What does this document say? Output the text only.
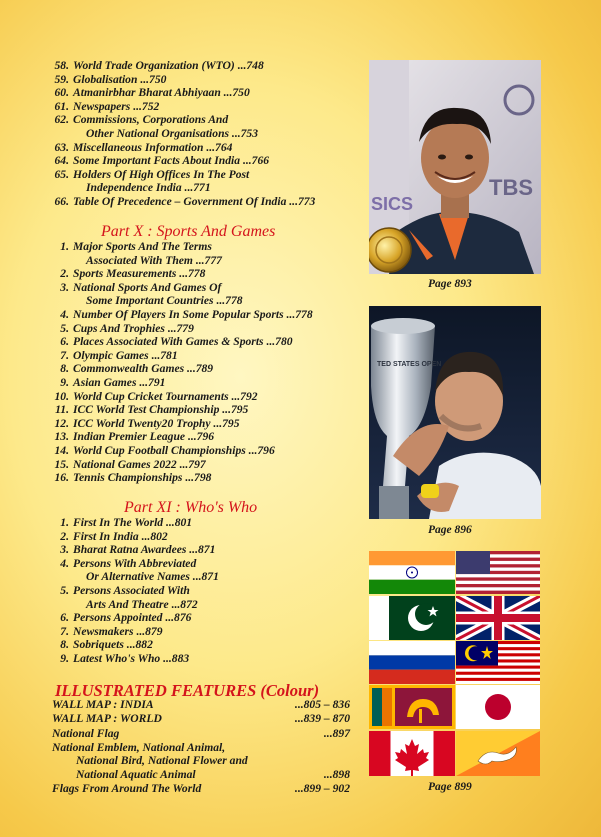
58. World Trade Organization (WTO) ...748
59. Globalisation ...750
60. Atmanirbhar Bharat Abhiyaan ...750
61. Newspapers ...752
62. Commissions, Corporations And
Other National Organisations ...753
63. Miscellaneous Information ...764
64. Some Important Facts About India ...766
65. Holders Of High Offices In The Post
Independence India ...771
66. Table Of Precedence – Government Of India ...773
Part X : Sports And Games
1. Major Sports And The Terms
Associated With Them ...777
2. Sports Measurements ...778
3. National Sports And Games Of
Some Important Countries ...778
4. Number Of Players In Some Popular Sports ...778
5. Cups And Trophies ...779
6. Places Associated With Games & Sports ...780
7. Olympic Games ...781
8. Commonwealth Games ...789
9. Asian Games ...791
10. World Cup Cricket Tournaments ...792
11. ICC World Test Championship ...795
12. ICC World Twenty20 Trophy ...795
13. Indian Premier League ...796
14. World Cup Football Championships ...796
15. National Games 2022 ...797
16. Tennis Championships ...798
Part XI : Who's Who
1. First In The World ...801
2. First In India ...802
3. Bharat Ratna Awardees ...871
4. Persons With Abbreviated
Or Alternative Names ...871
5. Persons Associated With
Arts And Theatre ...872
6. Persons Appointed ...876
7. Newsmakers ...879
8. Sobriquets ...882
9. Latest Who's Who ...883
ILLUSTRATED FEATURES (Colour)
WALL MAP : INDIA	...805 – 836
WALL MAP : WORLD	...839 – 870
National Flag	...897
National Emblem, National Animal,
National Bird, National Flower and
National Aquatic Animal	...898
Flags From Around The World	...899 – 902
TBS
SICS
Page 893
TED STATES OPEN
Page 896
Page 899
